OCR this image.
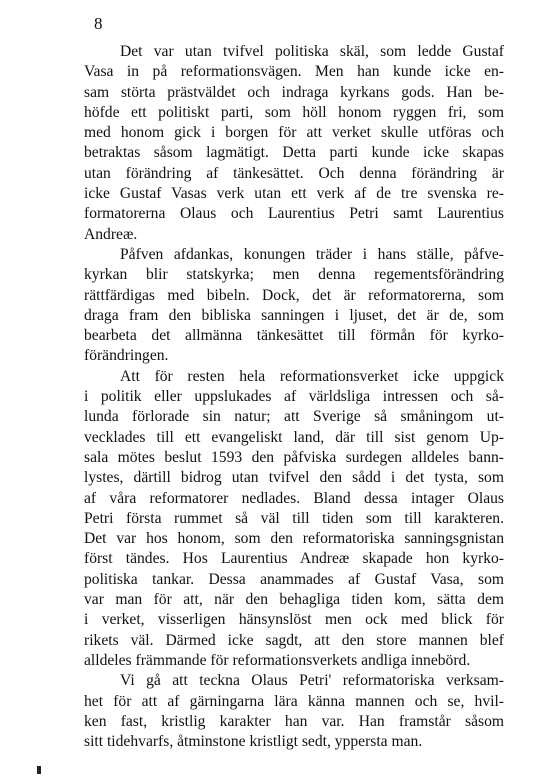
8
Det var utan tvifvel politiska skäl, som ledde Gustaf
Vasa in på reformationsvägen. Men han kunde icke en-
sam störta prästväldet och indraga kyrkans gods. Han be-
höfde ett politiskt parti, som höll honom ryggen fri, som
med honom gick i borgen för att verket skulle utföras och
betraktas såsom lagmätigt. Detta parti kunde icke skapas
utan förändring af tänkesättet. Och denna förändring är
icke Gustaf Vasas verk utan ett verk af de tre svenska re-
formatorerna Olaus och Laurentius Petri samt Laurentius
Andreæ.
Påfven afdankas, konungen träder i hans ställe, påfve-
kyrkan blir statskyrka; men denna regementsförändring
rättfärdigas med bibeln. Dock, det är reformatorerna, som
draga fram den bibliska sanningen i ljuset, det är de, som
bearbeta det allmänna tänkesättet till förmån för kyrko-
förändringen.
Att för resten hela reformationsverket icke uppgick
i politik eller uppslukades af världsliga intressen och så-
lunda förlorade sin natur; att Sverige så småningom ut-
vecklades till ett evangeliskt land, där till sist genom Up-
sala mötes beslut 1593 den påfviska surdegen alldeles bann-
lystes, därtill bidrog utan tvifvel den sådd i det tysta, som
af våra reformatorer nedlades. Bland dessa intager Olaus
Petri första rummet så väl till tiden som till karakteren.
Det var hos honom, som den reformatoriska sanningsgnistan
först tändes. Hos Laurentius Andreæ skapade hon kyrko-
politiska tankar. Dessa anammades af Gustaf Vasa, som
var man för att, när den behagliga tiden kom, sätta dem
i verket, visserligen hänsynslöst men ock med blick för
rikets väl. Därmed icke sagdt, att den store mannen blef
alldeles främmande för reformationsverkets andliga innebörd.
Vi gå att teckna Olaus Petri' reformatoriska verksam-
het för att af gärningarna lära känna mannen och se, hvil-
ken fast, kristlig karakter han var. Han framstår såsom
sitt tidehvarfs, åtminstone kristligt sedt, yppersta man.
